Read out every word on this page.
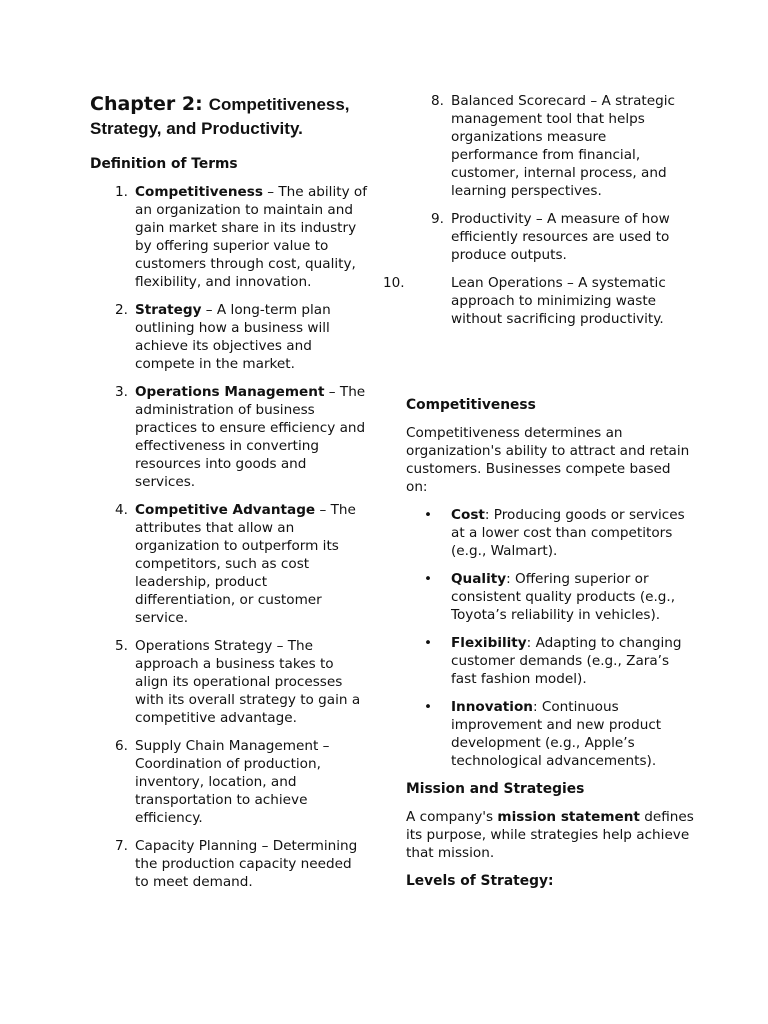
Chapter 2: Competitiveness, Strategy, and Productivity.
Definition of Terms
1. Competitiveness – The ability of an organization to maintain and gain market share in its industry by offering superior value to customers through cost, quality, flexibility, and innovation.
2. Strategy – A long-term plan outlining how a business will achieve its objectives and compete in the market.
3. Operations Management – The administration of business practices to ensure efficiency and effectiveness in converting resources into goods and services.
4. Competitive Advantage – The attributes that allow an organization to outperform its competitors, such as cost leadership, product differentiation, or customer service.
5. Operations Strategy – The approach a business takes to align its operational processes with its overall strategy to gain a competitive advantage.
6. Supply Chain Management – Coordination of production, inventory, location, and transportation to achieve efficiency.
7. Capacity Planning – Determining the production capacity needed to meet demand.
8. Balanced Scorecard – A strategic management tool that helps organizations measure performance from financial, customer, internal process, and learning perspectives.
9. Productivity – A measure of how efficiently resources are used to produce outputs.
10.	Lean Operations – A systematic approach to minimizing waste without sacrificing productivity.
Competitiveness

Competitiveness determines an organization's ability to attract and retain customers. Businesses compete based on:

• Cost: Producing goods or services at a lower cost than competitors (e.g., Walmart).
• Quality: Offering superior or consistent quality products (e.g., Toyota’s reliability in vehicles).
• Flexibility: Adapting to changing customer demands (e.g., Zara’s fast fashion model).
• Innovation: Continuous improvement and new product development (e.g., Apple’s technological advancements).
Mission and Strategies

A company's mission statement defines its purpose, while strategies help achieve that mission.

Levels of Strategy:
